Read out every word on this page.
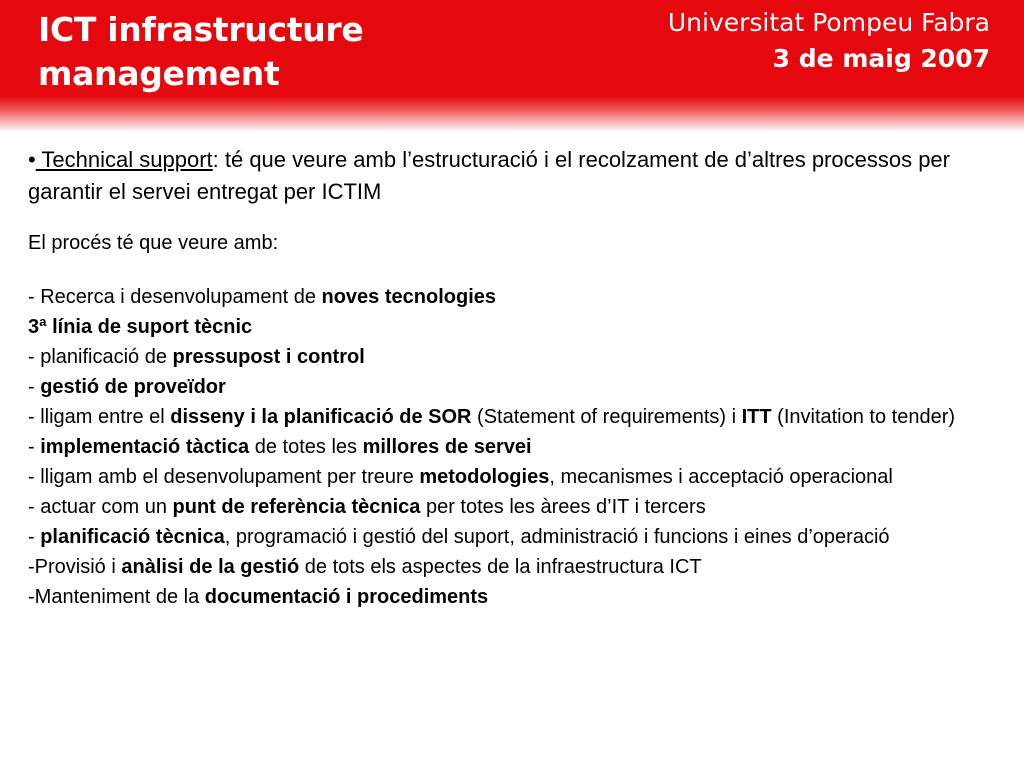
ICT infrastructure
management
Universitat Pompeu Fabra
3 de maig 2007
• Technical support: té que veure amb l’estructuració i el recolzament de d’altres processos per garantir el servei entregat per ICTIM
El procés té que veure amb:
- Recerca i desenvolupament de noves tecnologies
3ª línia de suport tècnic
- planificació de pressupost i control
- gestió de proveïdor
- lligam entre el disseny i la planificació de SOR (Statement of requirements) i ITT (Invitation to tender)
- implementació tàctica de totes les millores de servei
- lligam amb el desenvolupament per treure metodologies, mecanismes i acceptació operacional
- actuar com un punt de referència tècnica per totes les àrees d’IT i tercers
- planificació tècnica, programació i gestió del suport, administració i funcions i eines d’operació
-Provisió i anàlisi de la gestió de tots els aspectes de la infraestructura ICT
-Manteniment de la documentació i procediments
